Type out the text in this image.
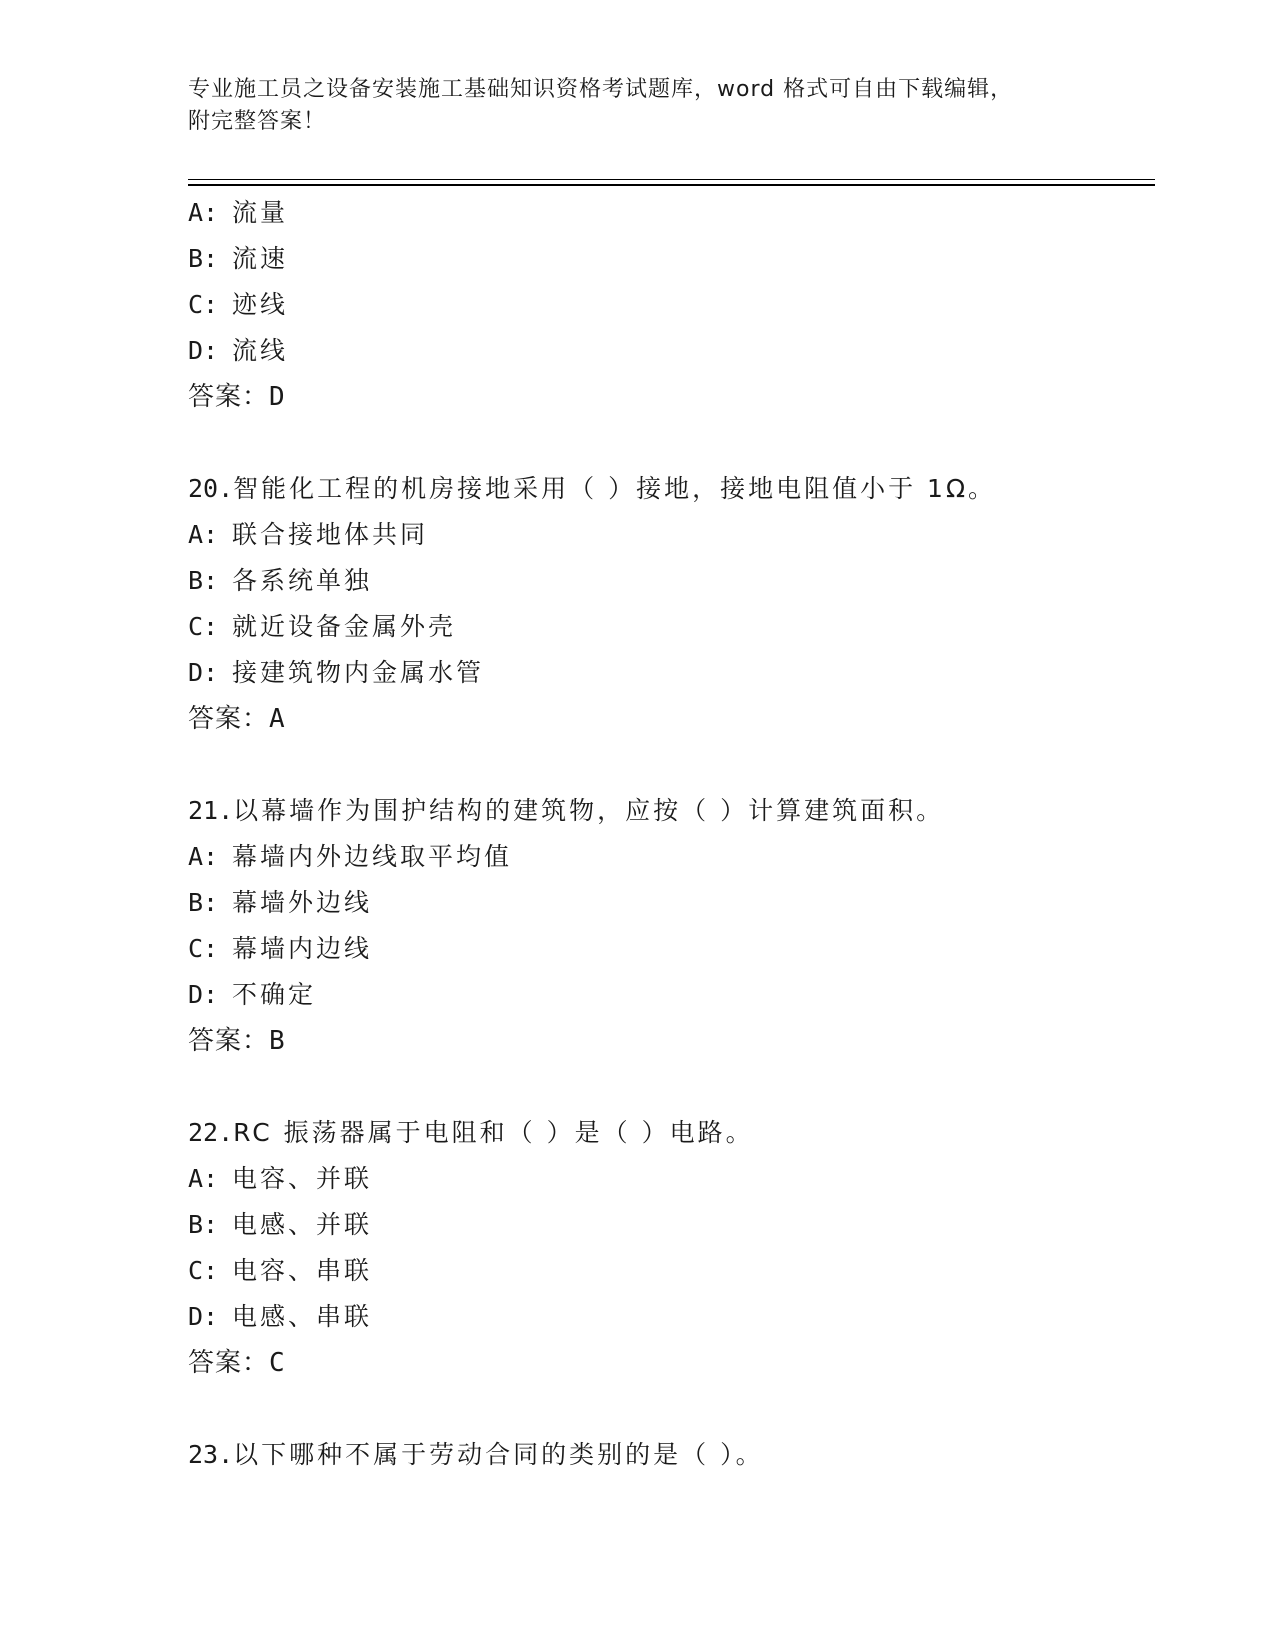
专业施工员之设备安装施工基础知识资格考试题库，word 格式可自由下载编辑，
附完整答案！
A: 流量
B: 流速
C: 迹线
D: 流线
答案：D
20.智能化工程的机房接地采用（ ）接地，接地电阻值小于 1Ω。
A: 联合接地体共同
B: 各系统单独
C: 就近设备金属外壳
D: 接建筑物内金属水管
答案：A
21.以幕墙作为围护结构的建筑物，应按（ ）计算建筑面积。
A: 幕墙内外边线取平均值
B: 幕墙外边线
C: 幕墙内边线
D: 不确定
答案：B
22.RC 振荡器属于电阻和（ ）是（ ）电路。
A: 电容、并联
B: 电感、并联
C: 电容、串联
D: 电感、串联
答案：C
23.以下哪种不属于劳动合同的类别的是（ ）。
